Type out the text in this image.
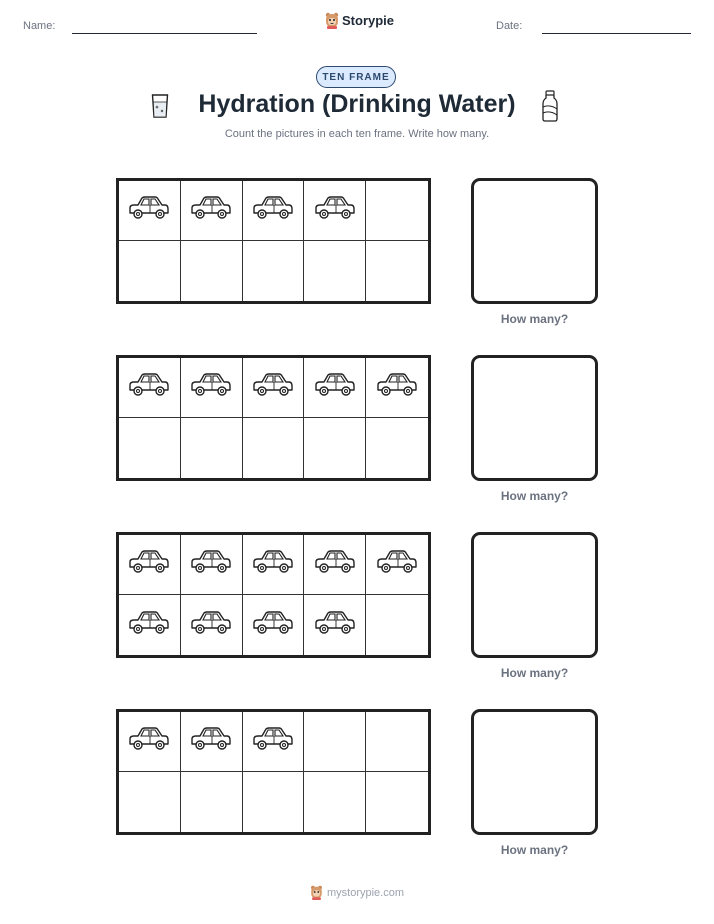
Name:	Storypie	Date:
TEN FRAME
Hydration (Drinking Water)
Count the pictures in each ten frame. Write how many.
How many?
How many?
How many?
How many?
mystorypie.com
